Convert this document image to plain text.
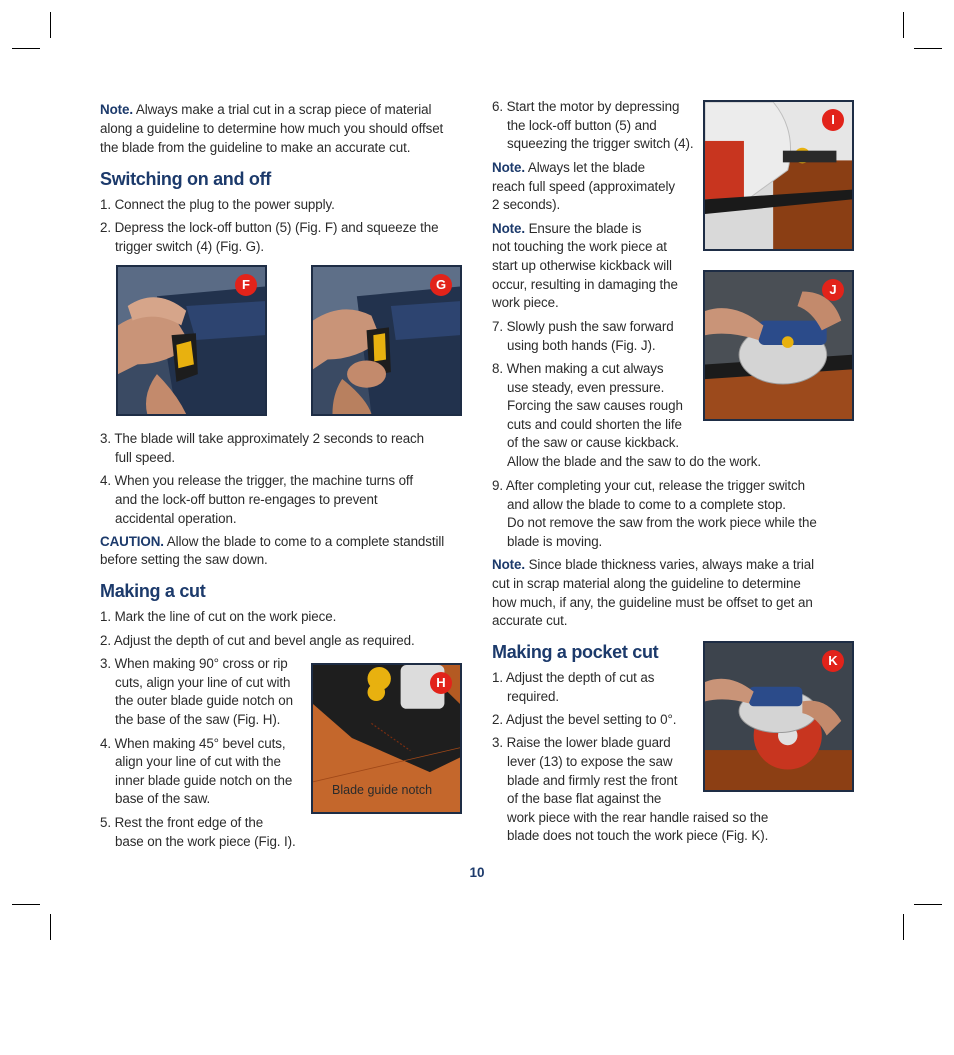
Note. Always make a trial cut in a scrap piece of material
along a guideline to determine how much you should offset
the blade from the guideline to make an accurate cut.
Switching on and off
1. Connect the plug to the power supply.
2. Depress the lock-off button (5) (Fig. F) and squeeze the
trigger switch (4) (Fig. G).
F	G
3. The blade will take approximately 2 seconds to reach
full speed.
4. When you release the trigger, the machine turns off
and the lock-off button re-engages to prevent
accidental operation.
CAUTION. Allow the blade to come to a complete standstill
before setting the saw down.
Making a cut
1. Mark the line of cut on the work piece.
2. Adjust the depth of cut and bevel angle as required.
3. When making 90° cross or rip
cuts, align your line of cut with
the outer blade guide notch on
the base of the saw (Fig. H).
4. When making 45° bevel cuts,
align your line of cut with the
inner blade guide notch on the
base of the saw.
5. Rest the front edge of the
base on the work piece (Fig. I).
H
Blade guide notch
6. Start the motor by depressing
the lock-off button (5) and
squeezing the trigger switch (4).
Note. Always let the blade
reach full speed (approximately
2 seconds).
Note. Ensure the blade is
not touching the work piece at
start up otherwise kickback will
occur, resulting in damaging the
work piece.
7. Slowly push the saw forward
using both hands (Fig. J).
8. When making a cut always
use steady, even pressure.
Forcing the saw causes rough
cuts and could shorten the life
of the saw or cause kickback.
Allow the blade and the saw to do the work.
9. After completing your cut, release the trigger switch
and allow the blade to come to a complete stop.
Do not remove the saw from the work piece while the
blade is moving.
Note. Since blade thickness varies, always make a trial
cut in scrap material along the guideline to determine
how much, if any, the guideline must be offset to get an
accurate cut.
Making a pocket cut
1. Adjust the depth of cut as
required.
2. Adjust the bevel setting to 0°.
3. Raise the lower blade guard
lever (13) to expose the saw
blade and firmly rest the front
of the base flat against the
work piece with the rear handle raised so the
blade does not touch the work piece (Fig. K).
I
J
K
10
